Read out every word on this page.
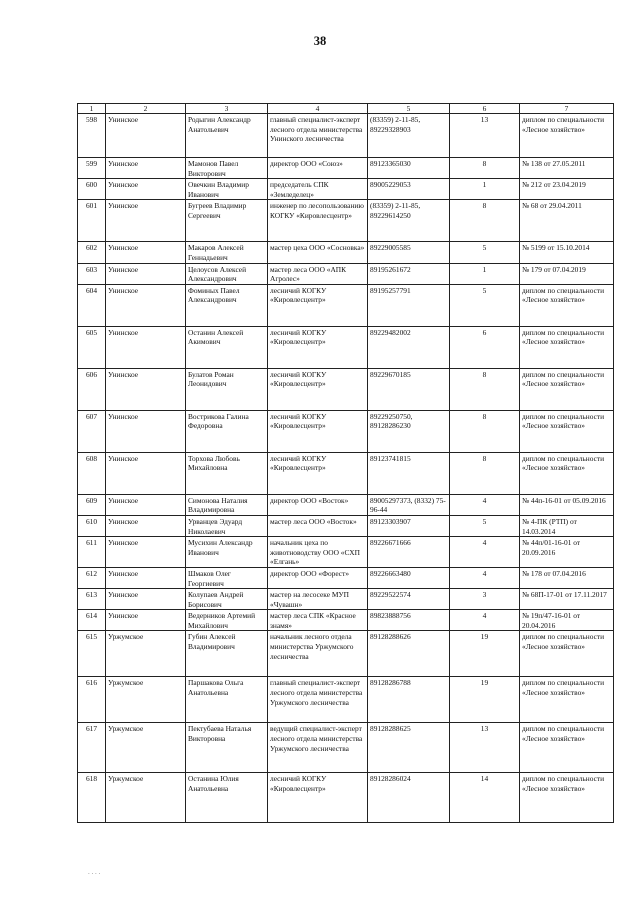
38
1	2	3	4	5	6	7
598	Унинское	Родыгин Александр Анатольевич	главный специалист-эксперт лесного отдела министерства Унинского лесничества	(83359) 2-11-85, 89229328903	13	диплом по специальности «Лесное хозяйство»
599	Унинское	Мамонов Павел Викторович	директор ООО «Союз»	89123365030	8	№ 138 от 27.05.2011
600	Унинское	Овечкин Владимир Иванович	председатель СПК «Земледелец»	89005229053	1	№ 212 от 23.04.2019
601	Унинское	Бугреев Владимир Сергеевич	инженер по лесопользованию КОГКУ «Кировлесцентр»	(83359) 2-11-85, 89229614250	8	№ 68 от 29.04.2011
602	Унинское	Макаров Алексей Геннадьевич	мастер цеха ООО «Сосновка»	89229005585	5	№ 5199 от 15.10.2014
603	Унинское	Целоусов Алексей Александрович	мастер леса ООО «АПК Агролес»	89195261672	1	№ 179 от 07.04.2019
604	Унинское	Фоминых Павел Александрович	лесничий КОГКУ «Кировлесцентр»	89195257791	5	диплом по специальности «Лесное хозяйство»
605	Унинское	Останин Алексей Акимович	лесничий КОГКУ «Кировлесцентр»	89229482002	6	диплом по специальности «Лесное хозяйство»
606	Унинское	Булатов Роман Леонидович	лесничий КОГКУ «Кировлесцентр»	89229670185	8	диплом по специальности «Лесное хозяйство»
607	Унинское	Вострикова Галина Федоровна	лесничий КОГКУ «Кировлесцентр»	89229250750, 89128286230	8	диплом по специальности «Лесное хозяйство»
608	Унинское	Торхова Любовь Михайловна	лесничий КОГКУ «Кировлесцентр»	89123741815	8	диплом по специальности «Лесное хозяйство»
609	Унинское	Симонова Наталия Владимировна	директор ООО «Восток»	89005297373, (8332) 75-96-44	4	№ 44п-16-01 от 05.09.2016
610	Унинское	Урванцев Эдуард Николаевич	мастер леса ООО «Восток»	89123303907	5	№ 4-ПК (РТП) от 14.03.2014
611	Унинское	Мусихин Александр Иванович	начальник цеха по животноводству ООО «СХП «Елгань»	89226671666	4	№ 44п/01-16-01 от 20.09.2016
612	Унинское	Шмаков Олег Георгиевич	директор ООО «Форест»	89226663480	4	№ 178 от 07.04.2016
613	Унинское	Колупаев Андрей Борисович	мастер на лесосеке МУП «Чувашн»	89229522574	3	№ 68П-17-01 от 17.11.2017
614	Унинское	Ведерников Артемий Михайлович	мастер леса СПК «Красное знамя»	89823888756	4	№ 19п/47-16-01 от 20.04.2016
615	Уржумское	Губин Алексей Владимирович	начальник лесного отдела министерства Уржумского лесничества	89128288626	19	диплом по специальности «Лесное хозяйство»
616	Уржумское	Паршакова Ольга Анатольевна	главный специалист-эксперт лесного отдела министерства Уржумского лесничества	89128286788	19	диплом по специальности «Лесное хозяйство»
617	Уржумское	Пектубаева Наталья Викторовна	ведущий специалист-эксперт лесного отдела министерства Уржумского лесничества	89128288625	13	диплом по специальности «Лесное хозяйство»
618	Уржумское	Останина Юлия Анатольевна	лесничий КОГКУ «Кировлесцентр»	89128286024	14	диплом по специальности «Лесное хозяйство»
. . . .
